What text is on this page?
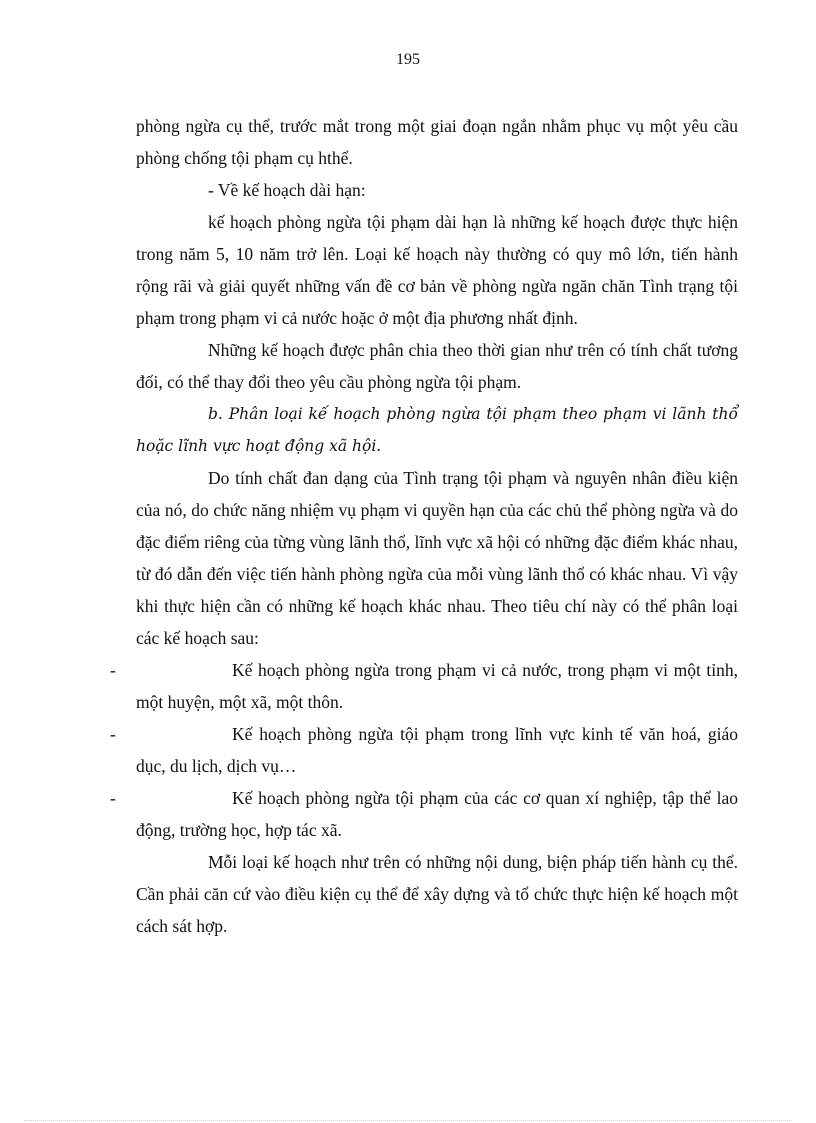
195

phòng ngừa cụ thể, trước mắt trong một giai đoạn ngắn nhằm phục vụ một yêu cầu phòng chống tội phạm cụ hthể.

- Về kế hoạch dài hạn:

kế hoạch phòng ngừa tội phạm dài hạn là những kế hoạch được thực hiện trong năm 5, 10 năm trở lên. Loại kế hoạch này thường có quy mô lớn, tiến hành rộng rãi và giải quyết những vấn đề cơ bản về phòng ngừa ngăn chăn Tình trạng tội phạm trong phạm vi cả nước hoặc ở một địa phương nhất định.

Những kế hoạch được phân chia theo thời gian như trên có tính chất tương đối, có thể thay đổi theo yêu cầu phòng ngừa tội phạm.

b. Phân loại kế hoạch phòng ngừa tội phạm theo phạm vi lãnh thổ hoặc lĩnh vực hoạt động xã hội.

Do tính chất đan dạng của Tình trạng tội phạm và nguyên nhân điều kiện của nó, do chức năng nhiệm vụ phạm vi quyền hạn của các chủ thể phòng ngừa và do đặc điểm riêng của từng vùng lãnh thổ, lĩnh vực xã hội có những đặc điểm khác nhau, từ đó dẫn đến việc tiến hành phòng ngừa của mỗi vùng lãnh thổ có khác nhau. Vì vậy khi thực hiện cần có những kế hoạch khác nhau. Theo tiêu chí này có thể phân loại các kế hoạch sau:

-	Kế hoạch phòng ngừa trong phạm vi cả nước, trong phạm vi một tỉnh, một huyện, một xã, một thôn.

-	Kế hoạch phòng ngừa tội phạm trong lĩnh vực kinh tế văn hoá, giáo dục, du lịch, dịch vụ…

-	Kế hoạch phòng ngừa tội phạm của các cơ quan xí nghiệp, tập thể lao động, trường học, hợp tác xã.

Mỗi loại kế hoạch như trên có những nội dung, biện pháp tiến hành cụ thể. Cần phải căn cứ vào điều kiện cụ thể để xây dựng và tổ chức thực hiện kế hoạch một cách sát hợp.
